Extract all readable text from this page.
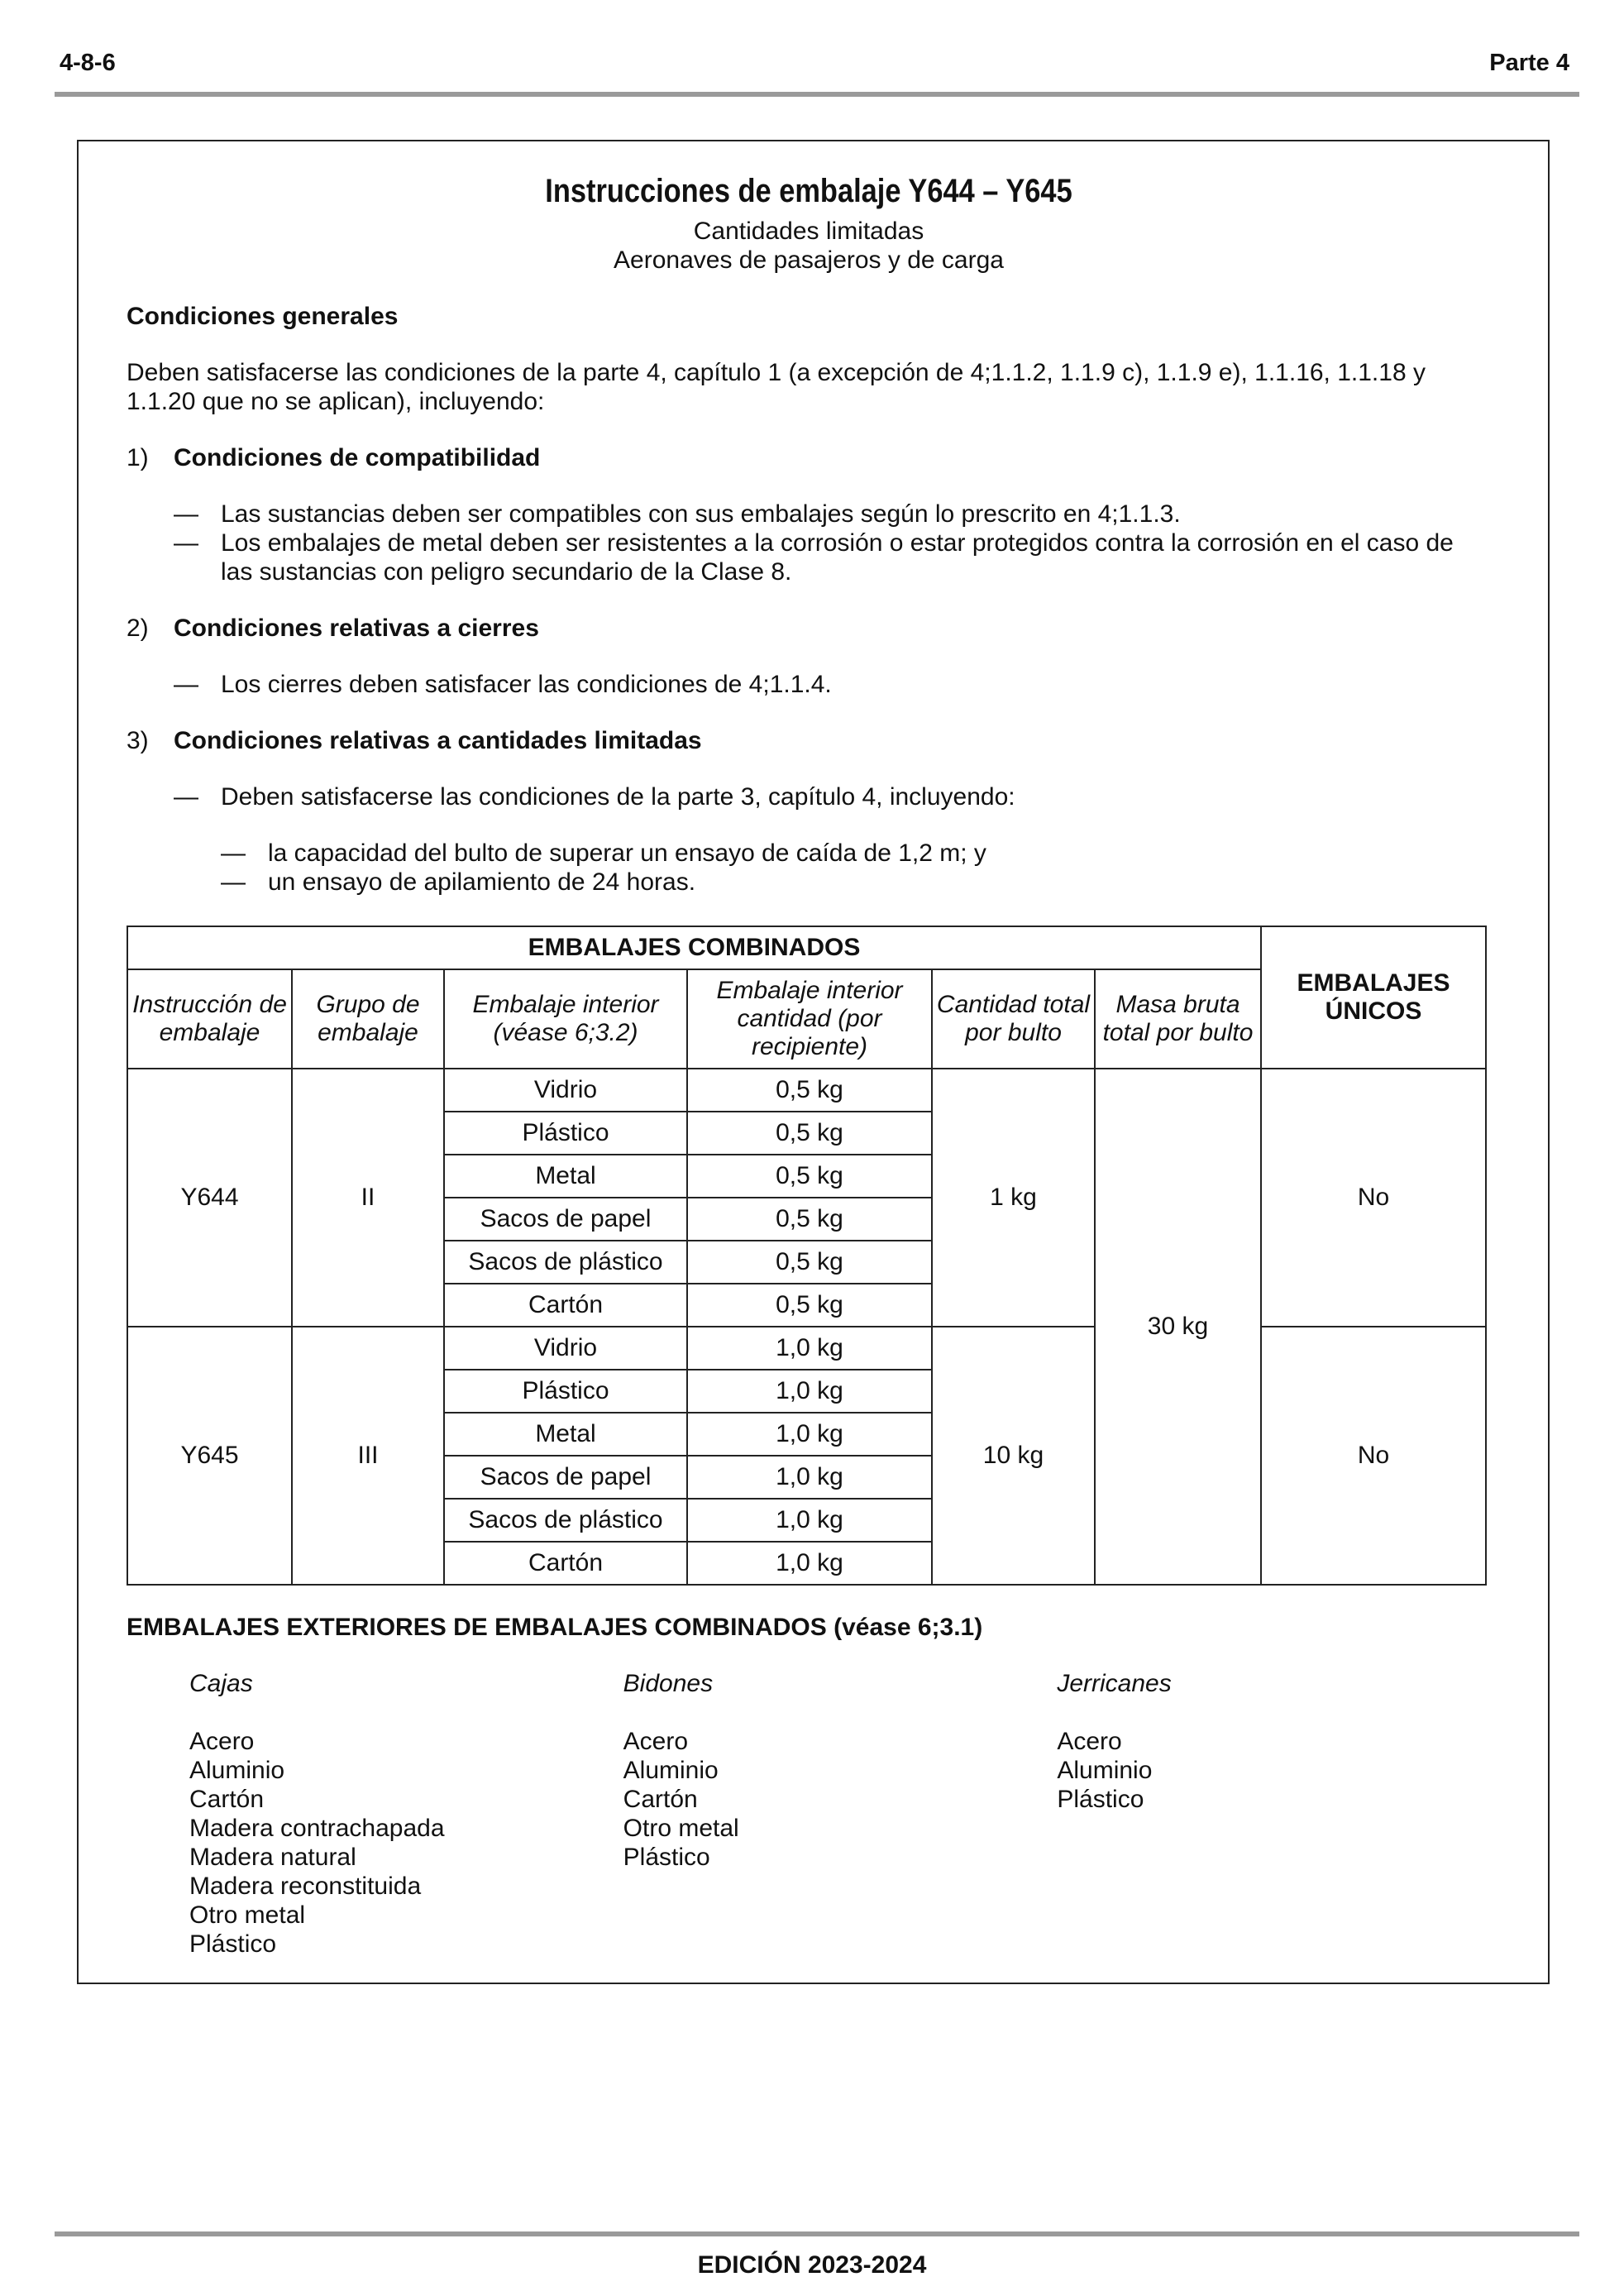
4-8-6	Parte 4
Instrucciones de embalaje Y644 – Y645
Cantidades limitadas
Aeronaves de pasajeros y de carga
Condiciones generales
Deben satisfacerse las condiciones de la parte 4, capítulo 1 (a excepción de 4;1.1.2, 1.1.9 c), 1.1.9 e), 1.1.16, 1.1.18 y 1.1.20 que no se aplican), incluyendo:
1)	Condiciones de compatibilidad
— Las sustancias deben ser compatibles con sus embalajes según lo prescrito en 4;1.1.3.
— Los embalajes de metal deben ser resistentes a la corrosión o estar protegidos contra la corrosión en el caso de las sustancias con peligro secundario de la Clase 8.
2)	Condiciones relativas a cierres
— Los cierres deben satisfacer las condiciones de 4;1.1.4.
3)	Condiciones relativas a cantidades limitadas
— Deben satisfacerse las condiciones de la parte 3, capítulo 4, incluyendo:
— la capacidad del bulto de superar un ensayo de caída de 1,2 m; y
— un ensayo de apilamiento de 24 horas.
EMBALAJES COMBINADOS						EMBALAJES ÚNICOS
Instrucción de embalaje	Grupo de embalaje	Embalaje interior (véase 6;3.2)	Embalaje interior cantidad (por recipiente)	Cantidad total por bulto	Masa bruta total por bulto	
Y644	II	Vidrio	0,5 kg	1 kg	30 kg	No
		Plástico	0,5 kg			
		Metal	0,5 kg			
		Sacos de papel	0,5 kg			
		Sacos de plástico	0,5 kg			
		Cartón	0,5 kg			
Y645	III	Vidrio	1,0 kg	10 kg		No
		Plástico	1,0 kg			
		Metal	1,0 kg			
		Sacos de papel	1,0 kg			
		Sacos de plástico	1,0 kg			
		Cartón	1,0 kg			
EMBALAJES EXTERIORES DE EMBALAJES COMBINADOS (véase 6;3.1)
Cajas
Acero
Aluminio
Cartón
Madera contrachapada
Madera natural
Madera reconstituida
Otro metal
Plástico
Bidones
Acero
Aluminio
Cartón
Otro metal
Plástico
Jerricanes
Acero
Aluminio
Plástico
EDICIÓN 2023-2024
